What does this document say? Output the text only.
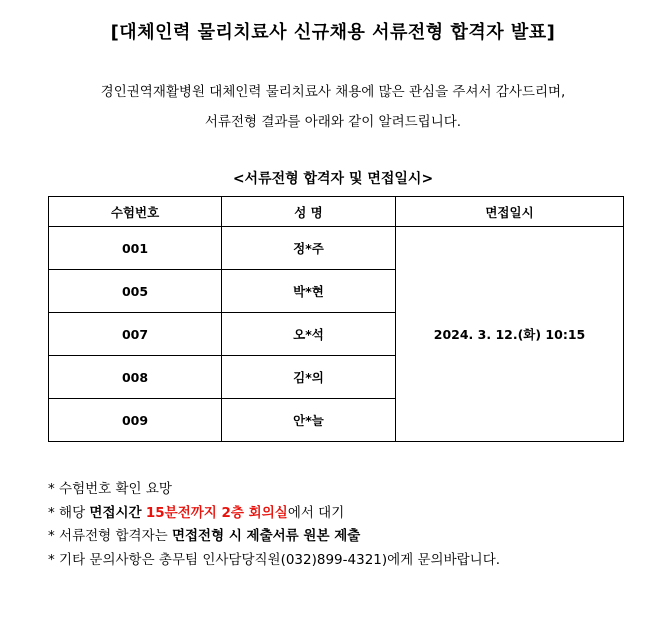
[대체인력 물리치료사 신규채용 서류전형 합격자 발표]
경인권역재활병원 대체인력 물리치료사 채용에 많은 관심을 주셔서 감사드리며,
서류전형 결과를 아래와 같이 알려드립니다.
<서류전형 합격자 및 면접일시>
수험번호	성 명	면접일시
001	정*주	2024. 3. 12.(화) 10:15
005	박*현	
007	오*석	
008	김*의	
009	안*늘	
* 수험번호 확인 요망
* 해당 면접시간 15분전까지 2층 회의실에서 대기
* 서류전형 합격자는 면접전형 시 제출서류 원본 제출
* 기타 문의사항은 총무팀 인사담당직원(032)899-4321)에게 문의바랍니다.
